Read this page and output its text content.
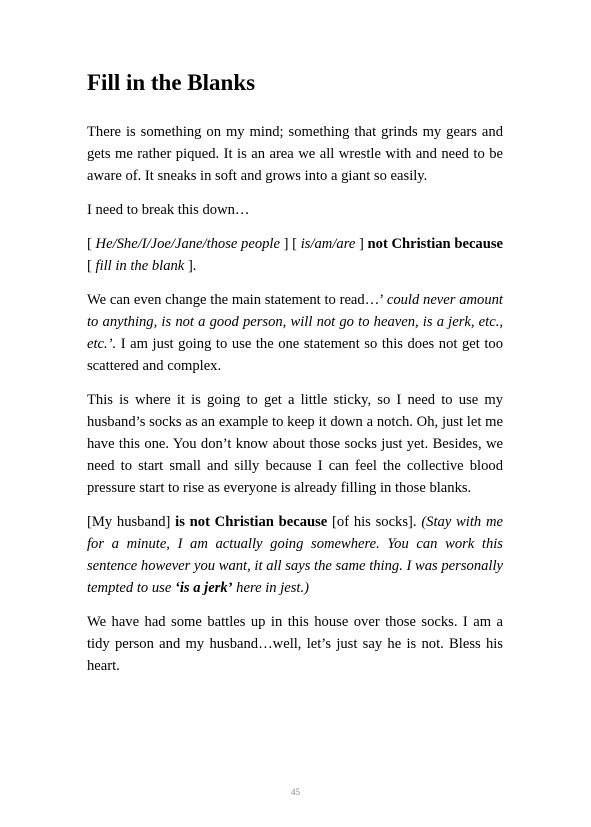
Fill in the Blanks

There is something on my mind; something that grinds my gears and gets me rather piqued. It is an area we all wrestle with and need to be aware of. It sneaks in soft and grows into a giant so easily.

I need to break this down…

[ He/She/I/Joe/Jane/those people ] [ is/am/are ] not Christian because [ fill in the blank ].

We can even change the main statement to read…’ could never amount to anything, is not a good person, will not go to heaven, is a jerk, etc., etc.’. I am just going to use the one statement so this does not get too scattered and complex.

This is where it is going to get a little sticky, so I need to use my husband’s socks as an example to keep it down a notch. Oh, just let me have this one. You don’t know about those socks just yet. Besides, we need to start small and silly because I can feel the collective blood pressure start to rise as everyone is already filling in those blanks.

[My husband] is not Christian because [of his socks]. (Stay with me for a minute, I am actually going somewhere. You can work this sentence however you want, it all says the same thing. I was personally tempted to use ‘is a jerk’ here in jest.)

We have had some battles up in this house over those socks. I am a tidy person and my husband…well, let’s just say he is not. Bless his heart.

45
